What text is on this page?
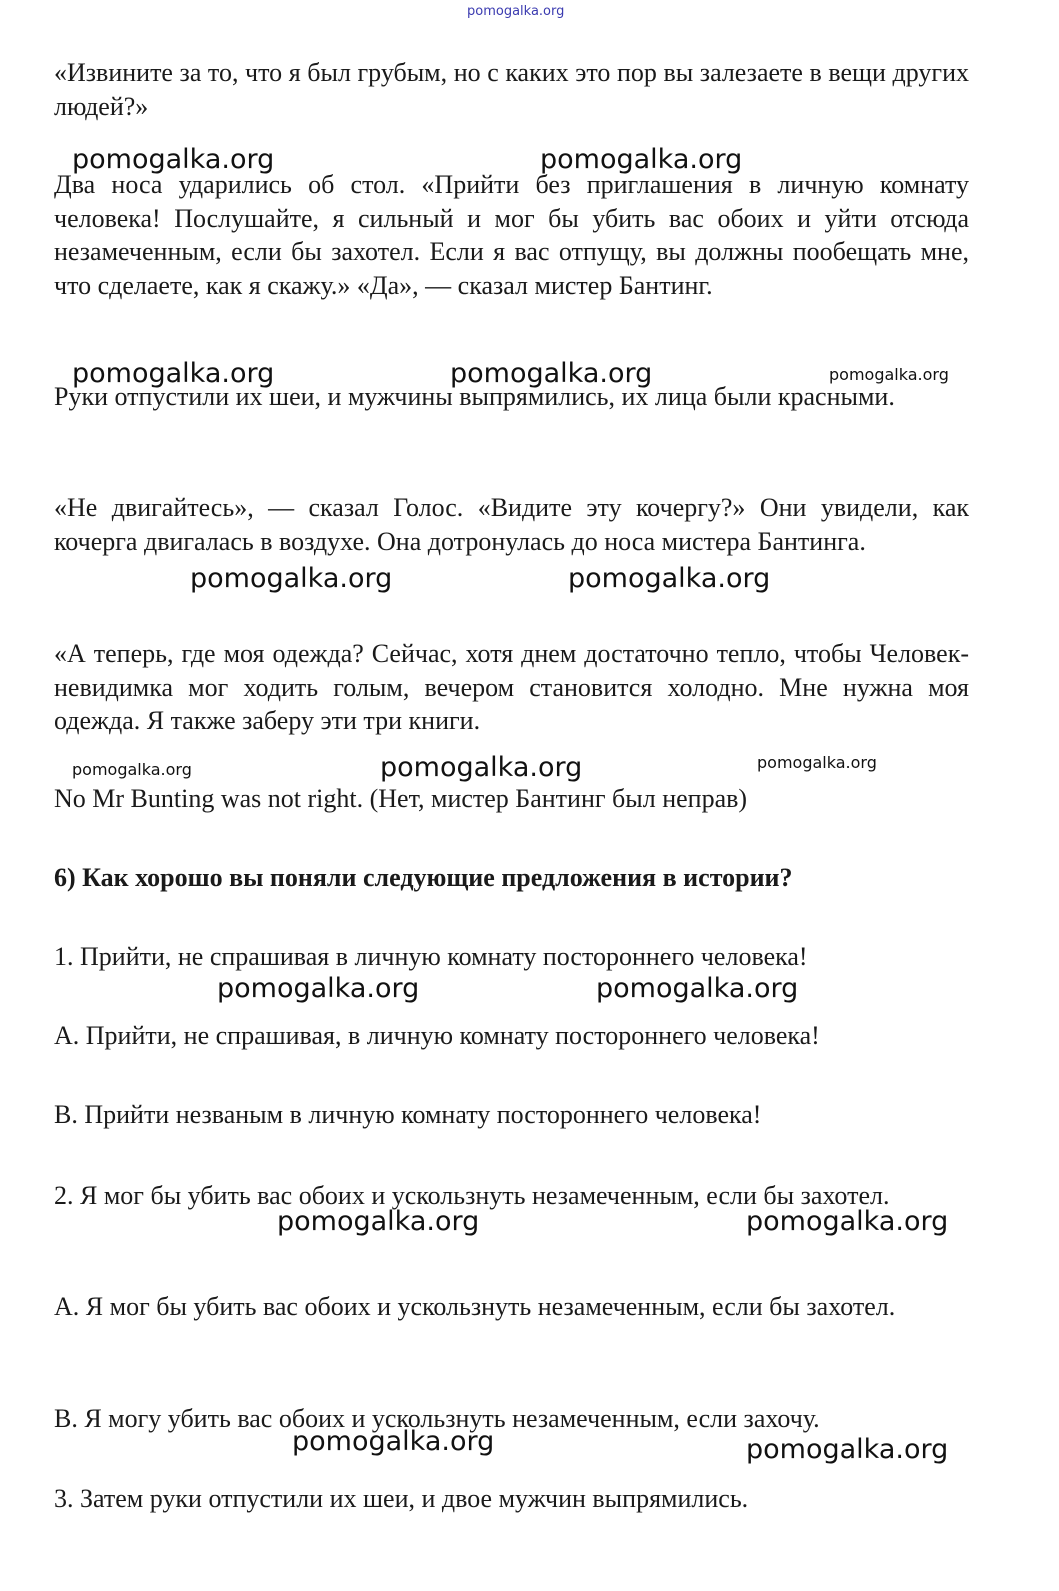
pomogalka.org

«Извините за то, что я был грубым, но с каких это пор вы залезаете в вещи других людей?»

pomogalka.org	pomogalka.org

Два носа ударились об стол. «Прийти без приглашения в личную комнату человека! Послушайте, я сильный и мог бы убить вас обоих и уйти отсюда незамеченным, если бы захотел. Если я вас отпущу, вы должны пообещать мне, что сделаете, как я скажу.» «Да», — сказал мистер Бантинг.

pomogalka.org	pomogalka.org	pomogalka.org

Руки отпустили их шеи, и мужчины выпрямились, их лица были красными.

«Не двигайтесь», — сказал Голос. «Видите эту кочергу?» Они увидели, как кочерга двигалась в воздухе. Она дотронулась до носа мистера Бантинга.

pomogalka.org	pomogalka.org

«А теперь, где моя одежда? Сейчас, хотя днем достаточно тепло, чтобы Человек-невидимка мог ходить голым, вечером становится холодно. Мне нужна моя одежда. Я также заберу эти три книги.

pomogalka.org	pomogalka.org	pomogalka.org

No Mr Bunting was not right. (Нет, мистер Бантинг был неправ)

6) Как хорошо вы поняли следующие предложения в истории?

1. Прийти, не спрашивая в личную комнату постороннего человека!

pomogalka.org	pomogalka.org

A. Прийти, не спрашивая, в личную комнату постороннего человека!

B. Прийти незваным в личную комнату постороннего человека!

2. Я мог бы убить вас обоих и ускользнуть незамеченным, если бы захотел.

pomogalka.org	pomogalka.org

A. Я мог бы убить вас обоих и ускользнуть незамеченным, если бы захотел.

B. Я могу убить вас обоих и ускользнуть незамеченным, если захочу.

pomogalka.org	pomogalka.org

3. Затем руки отпустили их шеи, и двое мужчин выпрямились.
